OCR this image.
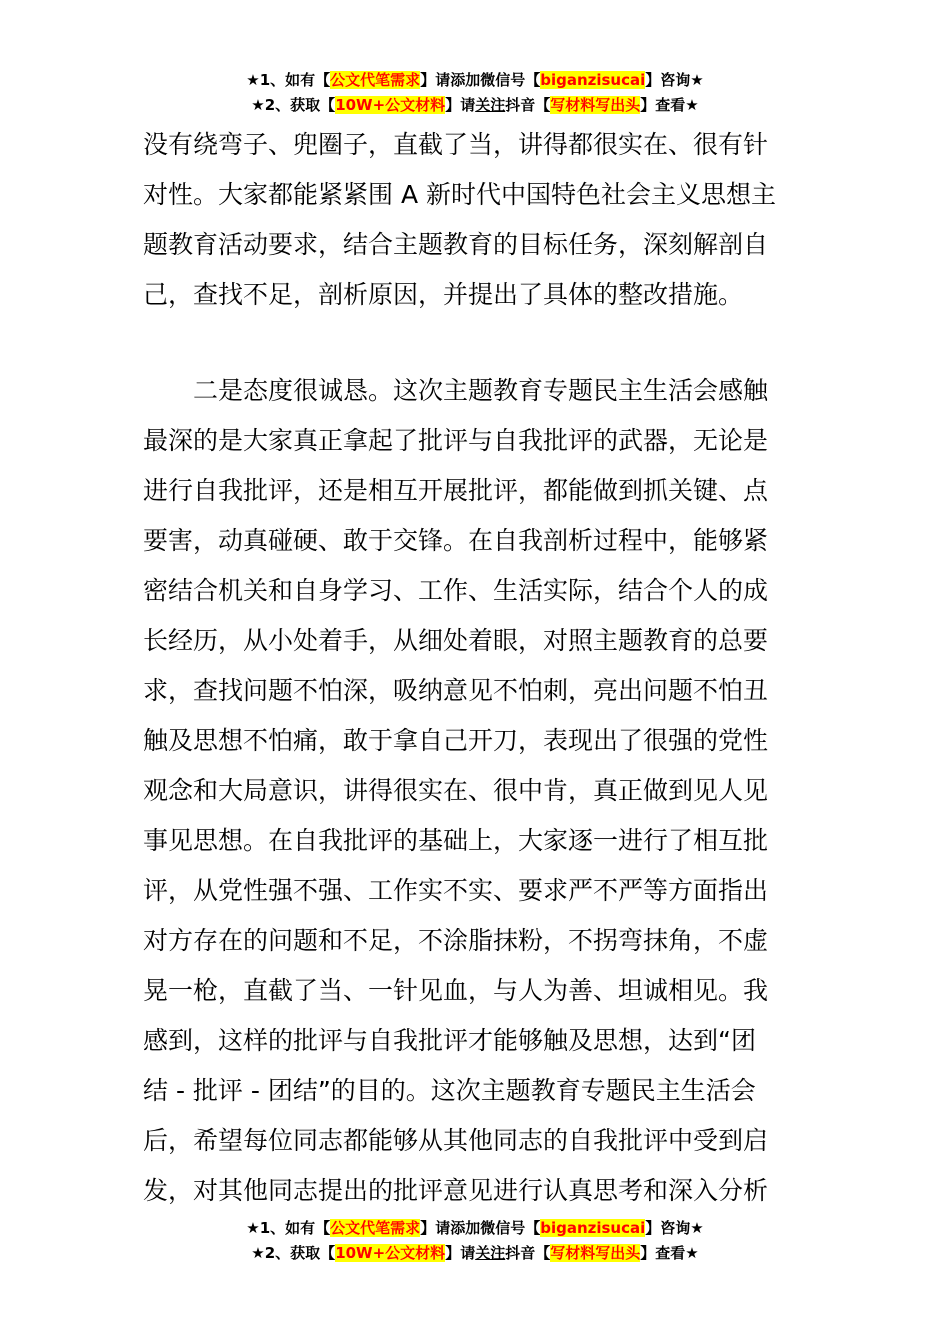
★1、如有【公文代笔需求】请添加微信号【biganzisucai】咨询★
★2、获取【10W+公文材料】请关注抖音【写材料写出头】查看★
没有绕弯子、兜圈子，直截了当，讲得都很实在、很有针
对性。大家都能紧紧围 A 新时代中国特色社会主义思想主
题教育活动要求，结合主题教育的目标任务，深刻解剖自
己，查找不足，剖析原因，并提出了具体的整改措施。
　　二是态度很诚恳。这次主题教育专题民主生活会感触
最深的是大家真正拿起了批评与自我批评的武器，无论是
进行自我批评，还是相互开展批评，都能做到抓关键、点
要害，动真碰硬、敢于交锋。在自我剖析过程中，能够紧
密结合机关和自身学习、工作、生活实际，结合个人的成
长经历，从小处着手，从细处着眼，对照主题教育的总要
求，查找问题不怕深，吸纳意见不怕刺，亮出问题不怕丑
触及思想不怕痛，敢于拿自己开刀，表现出了很强的党性
观念和大局意识，讲得很实在、很中肯，真正做到见人见
事见思想。在自我批评的基础上，大家逐一进行了相互批
评，从党性强不强、工作实不实、要求严不严等方面指出
对方存在的问题和不足，不涂脂抹粉，不拐弯抹角，不虚
晃一枪，直截了当、一针见血，与人为善、坦诚相见。我
感到，这样的批评与自我批评才能够触及思想，达到“团
结 - 批评 - 团结”的目的。这次主题教育专题民主生活会
后，希望每位同志都能够从其他同志的自我批评中受到启
发，对其他同志提出的批评意见进行认真思考和深入分析
★1、如有【公文代笔需求】请添加微信号【biganzisucai】咨询★
★2、获取【10W+公文材料】请关注抖音【写材料写出头】查看★
